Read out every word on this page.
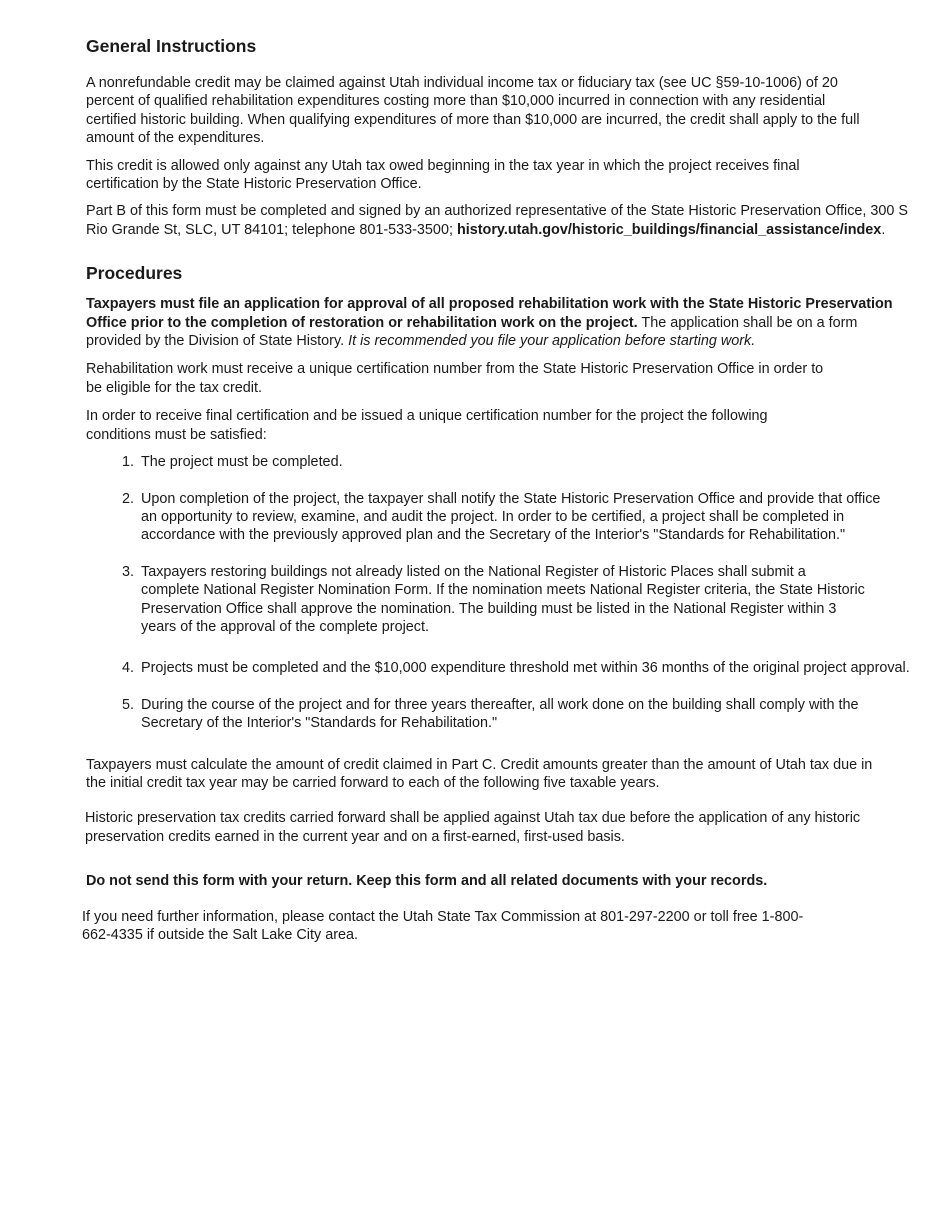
General Instructions

A nonrefundable credit may be claimed against Utah individual income tax or fiduciary tax (see UC §59-10-1006) of 20 percent of qualified rehabilitation expenditures costing more than $10,000 incurred in connection with any residential certified historic building. When qualifying expenditures of more than $10,000 are incurred, the credit shall apply to the full amount of the expenditures.

This credit is allowed only against any Utah tax owed beginning in the tax year in which the project receives final certification by the State Historic Preservation Office.

Part B of this form must be completed and signed by an authorized representative of the State Historic Preservation Office, 300 S Rio Grande St, SLC, UT 84101; telephone 801-533-3500; history.utah.gov/historic_buildings/financial_assistance/index.

Procedures

Taxpayers must file an application for approval of all proposed rehabilitation work with the State Historic Preservation Office prior to the completion of restoration or rehabilitation work on the project. The application shall be on a form provided by the Division of State History. It is recommended you file your application before starting work.

Rehabilitation work must receive a unique certification number from the State Historic Preservation Office in order to be eligible for the tax credit.

In order to receive final certification and be issued a unique certification number for the project the following conditions must be satisfied:

1. The project must be completed.
2. Upon completion of the project, the taxpayer shall notify the State Historic Preservation Office and provide that office an opportunity to review, examine, and audit the project. In order to be certified, a project shall be completed in accordance with the previously approved plan and the Secretary of the Interior's "Standards for Rehabilitation."
3. Taxpayers restoring buildings not already listed on the National Register of Historic Places shall submit a complete National Register Nomination Form. If the nomination meets National Register criteria, the State Historic Preservation Office shall approve the nomination. The building must be listed in the National Register within 3 years of the approval of the complete project.
4. Projects must be completed and the $10,000 expenditure threshold met within 36 months of the original project approval.
5. During the course of the project and for three years thereafter, all work done on the building shall comply with the Secretary of the Interior's "Standards for Rehabilitation."

Taxpayers must calculate the amount of credit claimed in Part C. Credit amounts greater than the amount of Utah tax due in the initial credit tax year may be carried forward to each of the following five taxable years.

Historic preservation tax credits carried forward shall be applied against Utah tax due before the application of any historic preservation credits earned in the current year and on a first-earned, first-used basis.

Do not send this form with your return. Keep this form and all related documents with your records.

If you need further information, please contact the Utah State Tax Commission at 801-297-2200 or toll free 1-800-662-4335 if outside the Salt Lake City area.
